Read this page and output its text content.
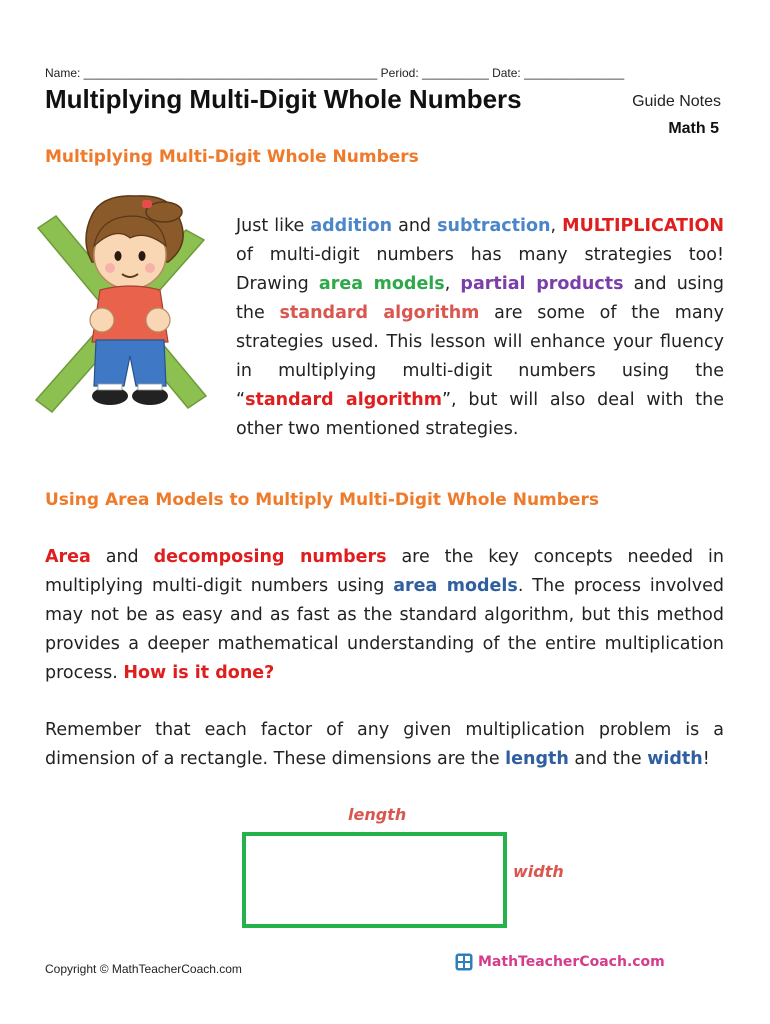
Name: ____________________________________________ Period: __________ Date: _______________
Multiplying Multi-Digit Whole Numbers	Guide Notes
Math 5
Multiplying Multi-Digit Whole Numbers

Just like addition and subtraction, MULTIPLICATION of multi-digit numbers has many strategies too! Drawing area models, partial products and using the standard algorithm are some of the many strategies used. This lesson will enhance your fluency in multiplying multi-digit numbers using the “standard algorithm”, but will also deal with the other two mentioned strategies.

Using Area Models to Multiply Multi-Digit Whole Numbers

Area and decomposing numbers are the key concepts needed in multiplying multi-digit numbers using area models. The process involved may not be as easy and as fast as the standard algorithm, but this method provides a deeper mathematical understanding of the entire multiplication process. How is it done?

Remember that each factor of any given multiplication problem is a dimension of a rectangle. These dimensions are the length and the width!

length
width
Copyright © MathTeacherCoach.com	MathTeacherCoach.com
